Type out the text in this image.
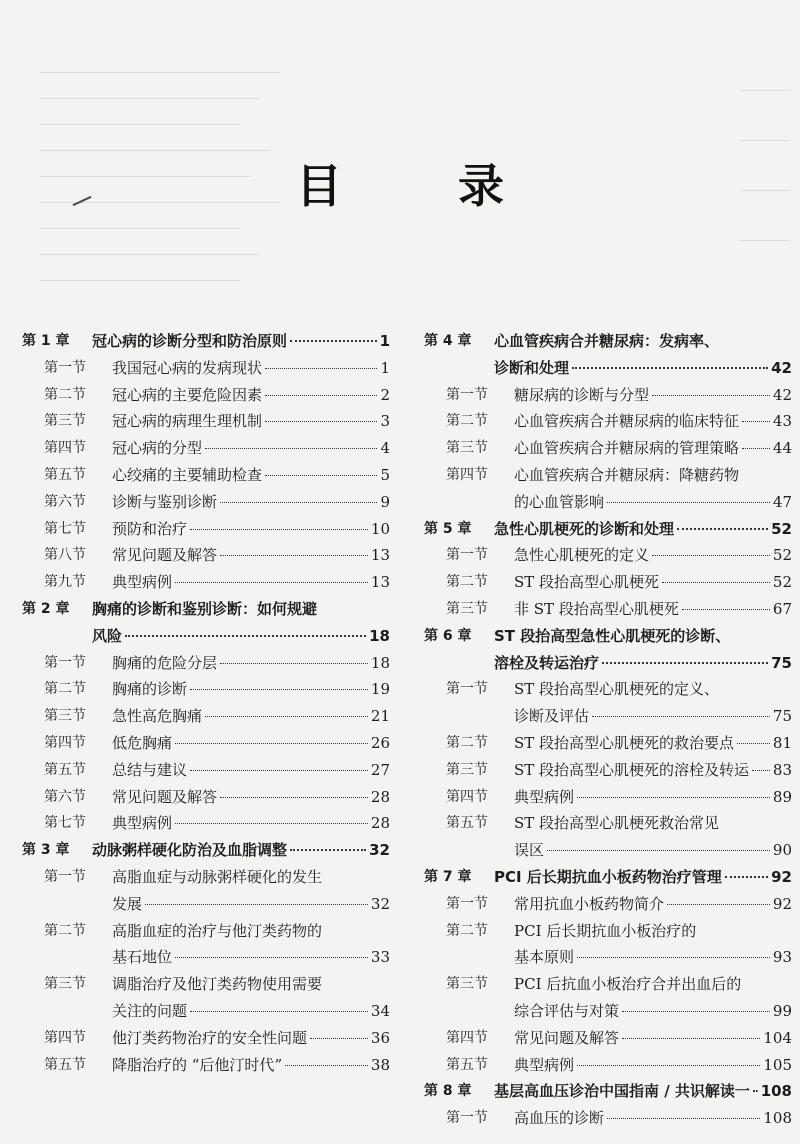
目 录
第 1 章 冠心病的诊断分型和防治原则	1
第一节 我国冠心病的发病现状	1
第二节 冠心病的主要危险因素	2
第三节 冠心病的病理生理机制	3
第四节 冠心病的分型	4
第五节 心绞痛的主要辅助检查	5
第六节 诊断与鉴别诊断	9
第七节 预防和治疗	10
第八节 常见问题及解答	13
第九节 典型病例	13
第 2 章 胸痛的诊断和鉴别诊断：如何规避
风险	18
第一节 胸痛的危险分层	18
第二节 胸痛的诊断	19
第三节 急性高危胸痛	21
第四节 低危胸痛	26
第五节 总结与建议	27
第六节 常见问题及解答	28
第七节 典型病例	28
第 3 章 动脉粥样硬化防治及血脂调整	32
第一节 高脂血症与动脉粥样硬化的发生
发展	32
第二节 高脂血症的治疗与他汀类药物的
基石地位	33
第三节 调脂治疗及他汀类药物使用需要
关注的问题	34
第四节 他汀类药物治疗的安全性问题	36
第五节 降脂治疗的 “后他汀时代”	38
第 4 章 心血管疾病合并糖尿病：发病率、
诊断和处理	42
第一节 糖尿病的诊断与分型	42
第二节 心血管疾病合并糖尿病的临床特征 43
第三节 心血管疾病合并糖尿病的管理策略 44
第四节 心血管疾病合并糖尿病：降糖药物
的心血管影响	47
第 5 章 急性心肌梗死的诊断和处理	52
第一节 急性心肌梗死的定义	52
第二节 ST 段抬高型心肌梗死	52
第三节 非 ST 段抬高型心肌梗死	67
第 6 章 ST 段抬高型急性心肌梗死的诊断、
溶栓及转运治疗	75
第一节 ST 段抬高型心肌梗死的定义、
诊断及评估	75
第二节 ST 段抬高型心肌梗死的救治要点	81
第三节 ST 段抬高型心肌梗死的溶栓及转运 83
第四节 典型病例	89
第五节 ST 段抬高型心肌梗死救治常见
误区	90
第 7 章 PCI 后长期抗血小板药物治疗管理	92
第一节 常用抗血小板药物简介	92
第二节 PCI 后长期抗血小板治疗的
基本原则	93
第三节 PCI 后抗血小板治疗合并出血后的
综合评估与对策	99
第四节 常见问题及解答	104
第五节 典型病例	105
第 8 章 基层高血压诊治中国指南 / 共识解读一 108
第一节 高血压的诊断	108
